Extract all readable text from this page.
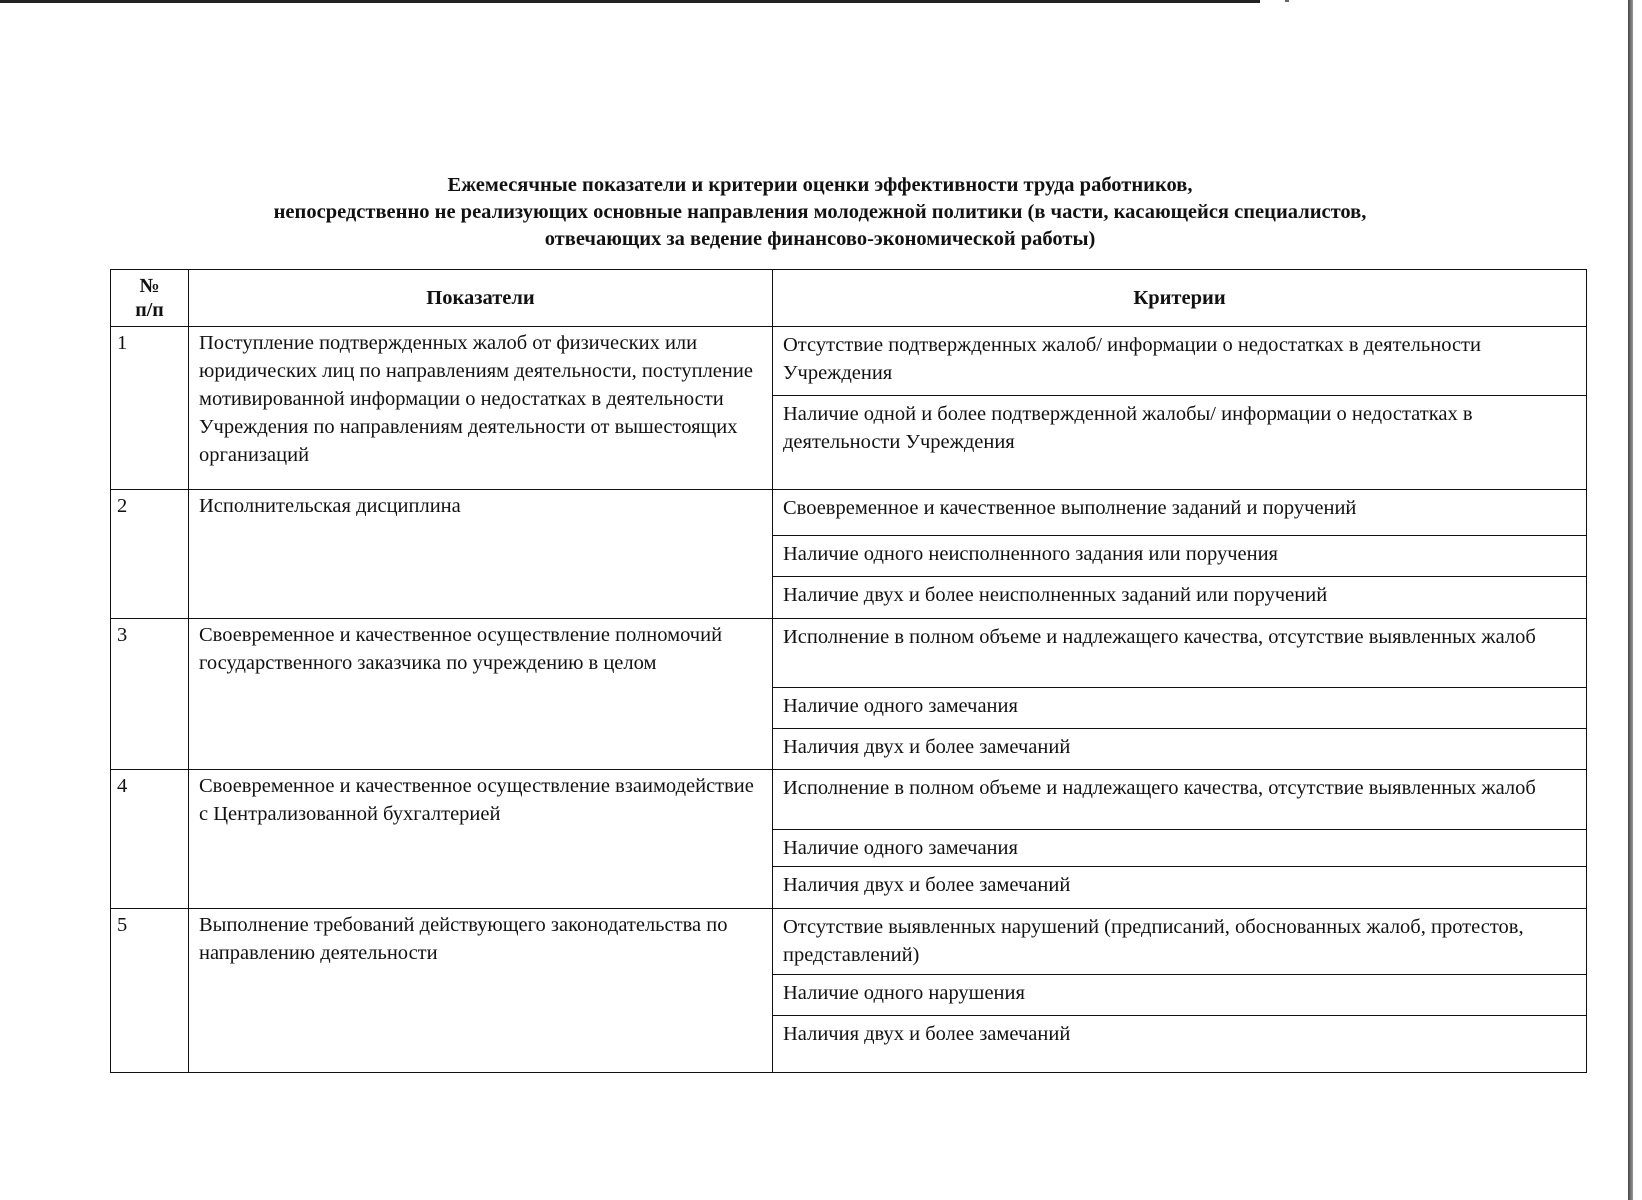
Ежемесячные показатели и критерии оценки эффективности труда работников,
непосредственно не реализующих основные направления молодежной политики (в части, касающейся специалистов,
отвечающих за ведение финансово-экономической работы)
№
п/п	Показатели	Критерии
1	Поступление подтвержденных жалоб от физических или юридических лиц по направлениям деятельности, поступление мотивированной информации о недостатках в деятельности Учреждения по направлениям деятельности от вышестоящих организаций	Отсутствие подтвержденных жалоб/ информации о недостатках в деятельности Учреждения
Наличие одной и более подтвержденной жалобы/ информации о недостатках в деятельности Учреждения

2	Исполнительская дисциплина	Своевременное и качественное выполнение заданий и поручений
Наличие одного неисполненного задания или поручения
Наличие двух и более неисполненных заданий или поручений

3	Своевременное и качественное осуществление полномочий государственного заказчика по учреждению в целом	Исполнение в полном объеме и надлежащего качества, отсутствие выявленных жалоб
Наличие одного замечания
Наличия двух и более замечаний

4	Своевременное и качественное осуществление взаимодействие с Централизованной бухгалтерией	Исполнение в полном объеме и надлежащего качества, отсутствие выявленных жалоб
Наличие одного замечания
Наличия двух и более замечаний

5	Выполнение требований действующего законодательства по направлению деятельности	Отсутствие выявленных нарушений (предписаний, обоснованных жалоб, протестов, представлений)
Наличие одного нарушения
Наличия двух и более замечаний
